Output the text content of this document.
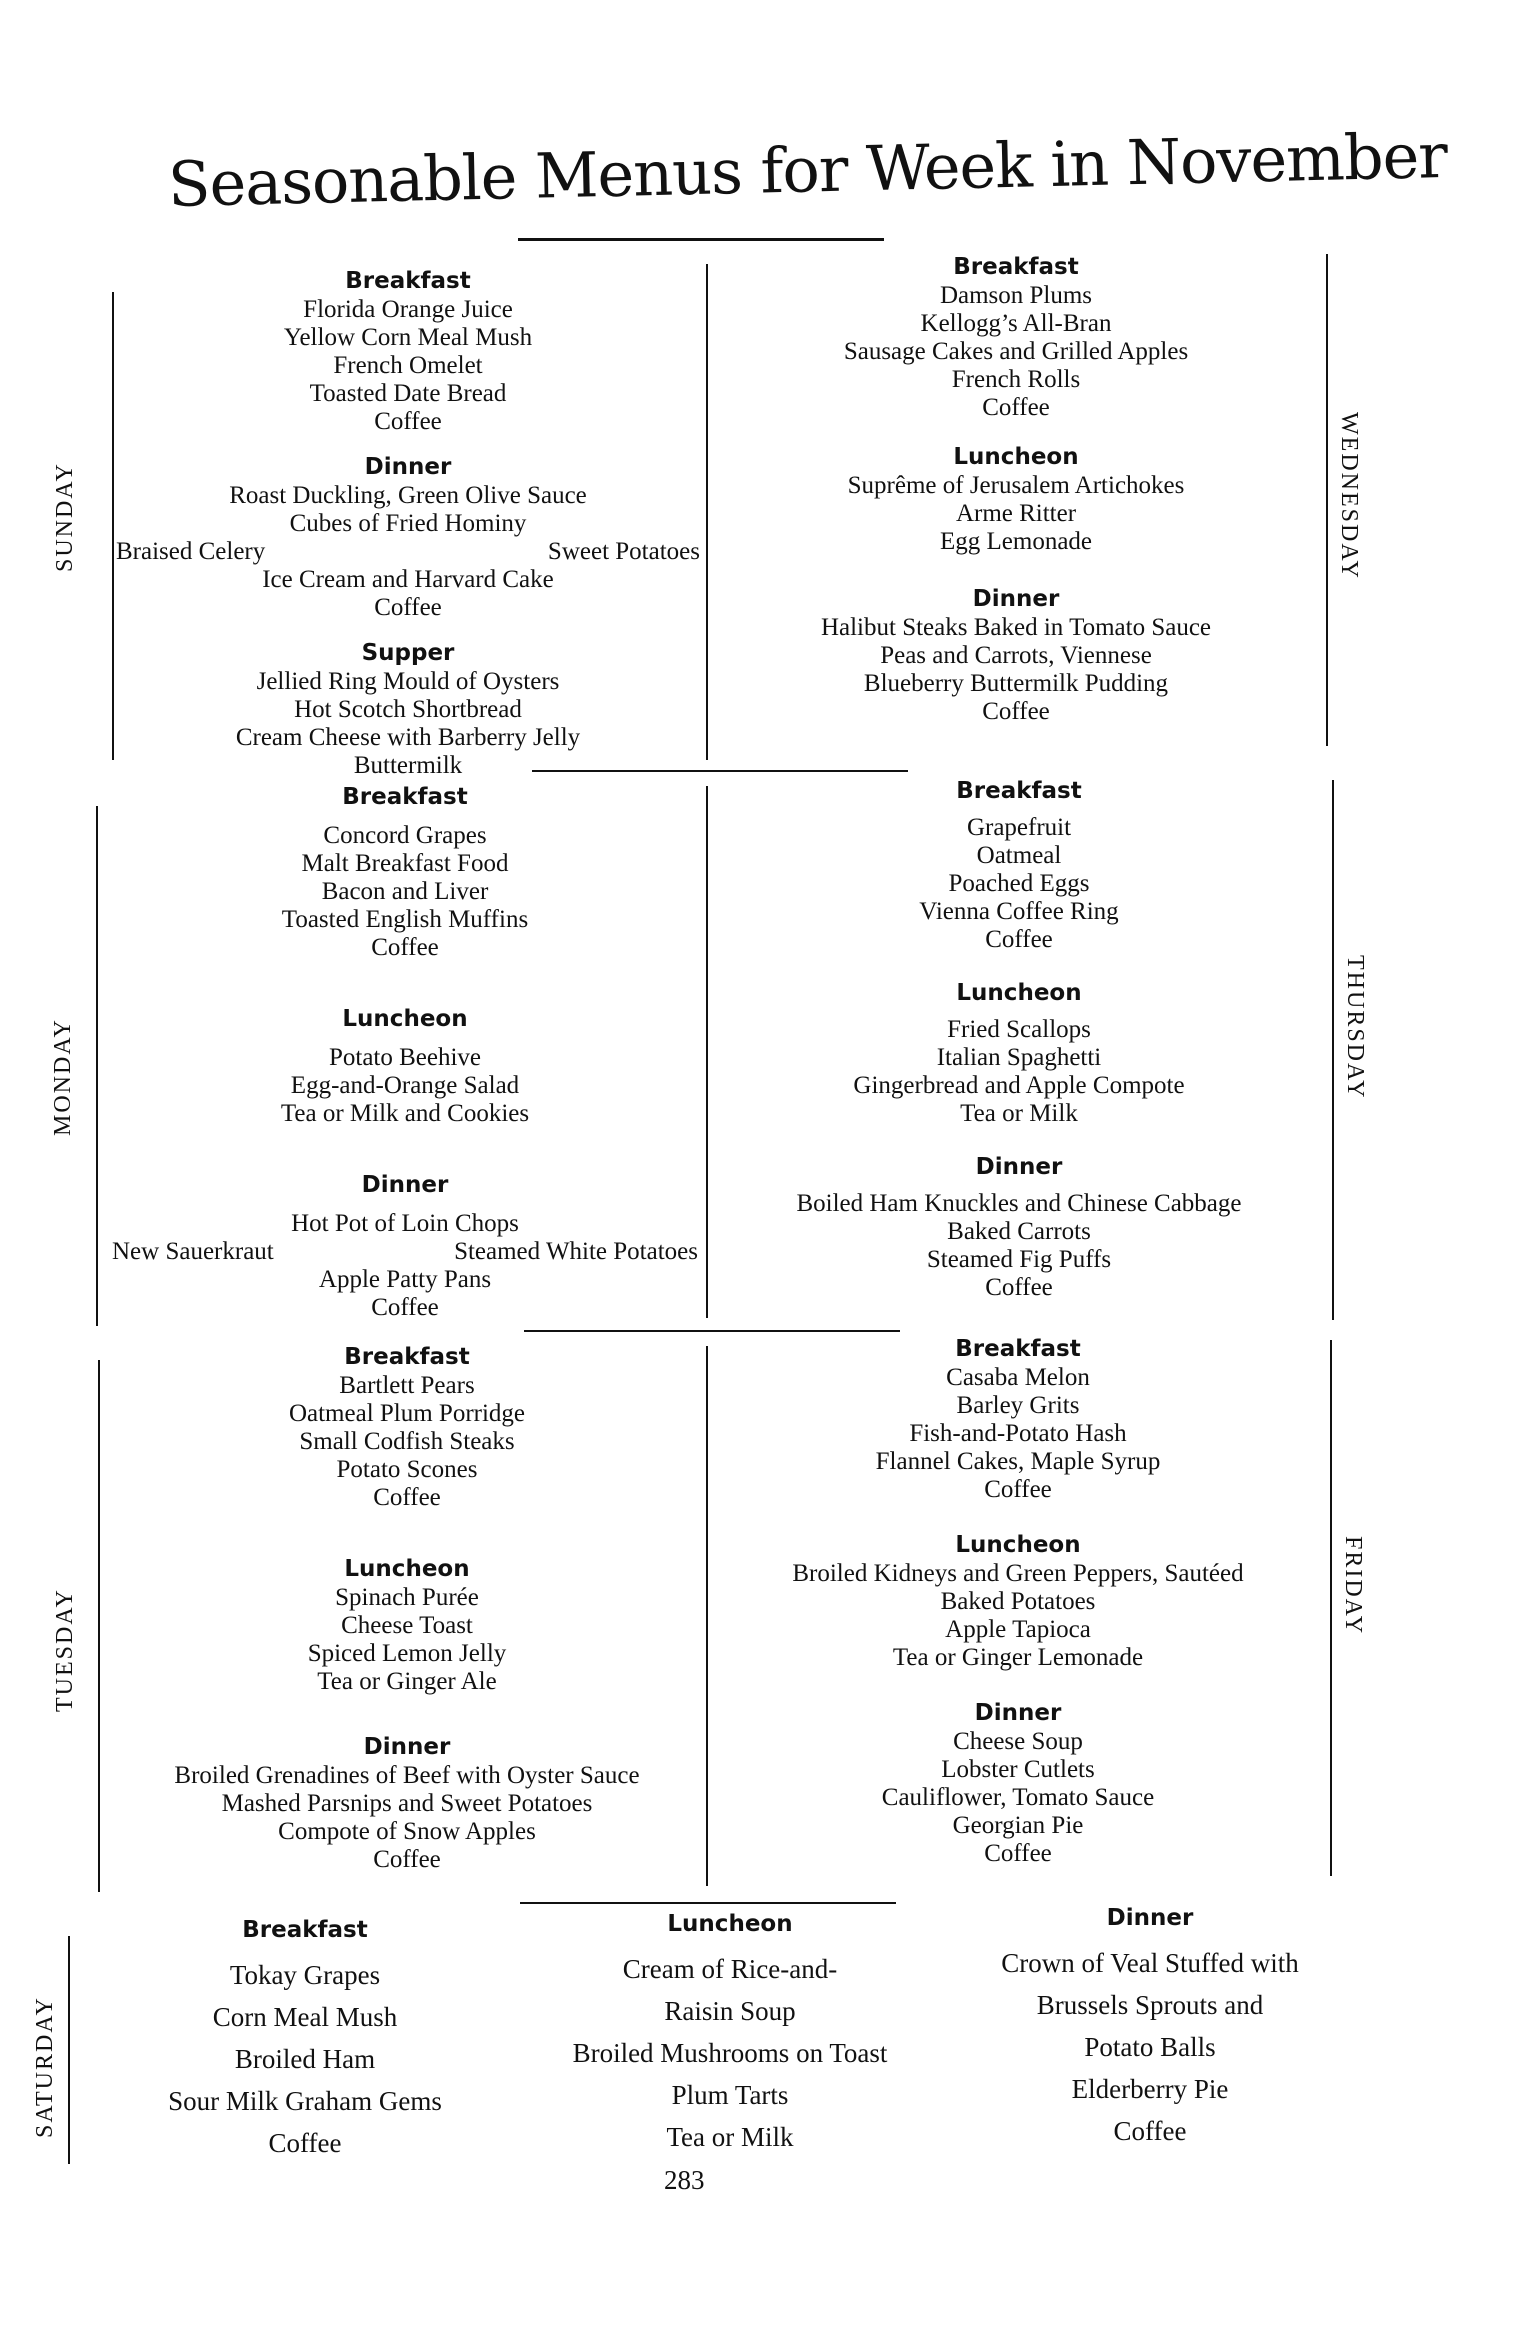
Seasonable Menus for Week in November
SUNDAY
Breakfast
Florida Orange Juice
Yellow Corn Meal Mush
French Omelet
Toasted Date Bread
Coffee
Dinner
Roast Duckling, Green Olive Sauce
Cubes of Fried Hominy
Braised Celery	Sweet Potatoes
Ice Cream and Harvard Cake
Coffee
Supper
Jellied Ring Mould of Oysters
Hot Scotch Shortbread
Cream Cheese with Barberry Jelly
Buttermilk
WEDNESDAY
Breakfast
Damson Plums
Kellogg’s All-Bran
Sausage Cakes and Grilled Apples
French Rolls
Coffee
Luncheon
Suprême of Jerusalem Artichokes
Arme Ritter
Egg Lemonade
Dinner
Halibut Steaks Baked in Tomato Sauce
Peas and Carrots, Viennese
Blueberry Buttermilk Pudding
Coffee
MONDAY
Breakfast
Concord Grapes
Malt Breakfast Food
Bacon and Liver
Toasted English Muffins
Coffee
Luncheon
Potato Beehive
Egg-and-Orange Salad
Tea or Milk and Cookies
Dinner
Hot Pot of Loin Chops
New Sauerkraut	Steamed White Potatoes
Apple Patty Pans
Coffee
THURSDAY
Breakfast
Grapefruit
Oatmeal
Poached Eggs
Vienna Coffee Ring
Coffee
Luncheon
Fried Scallops
Italian Spaghetti
Gingerbread and Apple Compote
Tea or Milk
Dinner
Boiled Ham Knuckles and Chinese Cabbage
Baked Carrots
Steamed Fig Puffs
Coffee
TUESDAY
Breakfast
Bartlett Pears
Oatmeal Plum Porridge
Small Codfish Steaks
Potato Scones
Coffee
Luncheon
Spinach Purée
Cheese Toast
Spiced Lemon Jelly
Tea or Ginger Ale
Dinner
Broiled Grenadines of Beef with Oyster Sauce
Mashed Parsnips and Sweet Potatoes
Compote of Snow Apples
Coffee
FRIDAY
Breakfast
Casaba Melon
Barley Grits
Fish-and-Potato Hash
Flannel Cakes, Maple Syrup
Coffee
Luncheon
Broiled Kidneys and Green Peppers, Sautéed
Baked Potatoes
Apple Tapioca
Tea or Ginger Lemonade
Dinner
Cheese Soup
Lobster Cutlets
Cauliflower, Tomato Sauce
Georgian Pie
Coffee
SATURDAY
Breakfast
Tokay Grapes
Corn Meal Mush
Broiled Ham
Sour Milk Graham Gems
Coffee
Luncheon
Cream of Rice-and-
Raisin Soup
Broiled Mushrooms on Toast
Plum Tarts
Tea or Milk
Dinner
Crown of Veal Stuffed with
Brussels Sprouts and
Potato Balls
Elderberry Pie
Coffee
283
